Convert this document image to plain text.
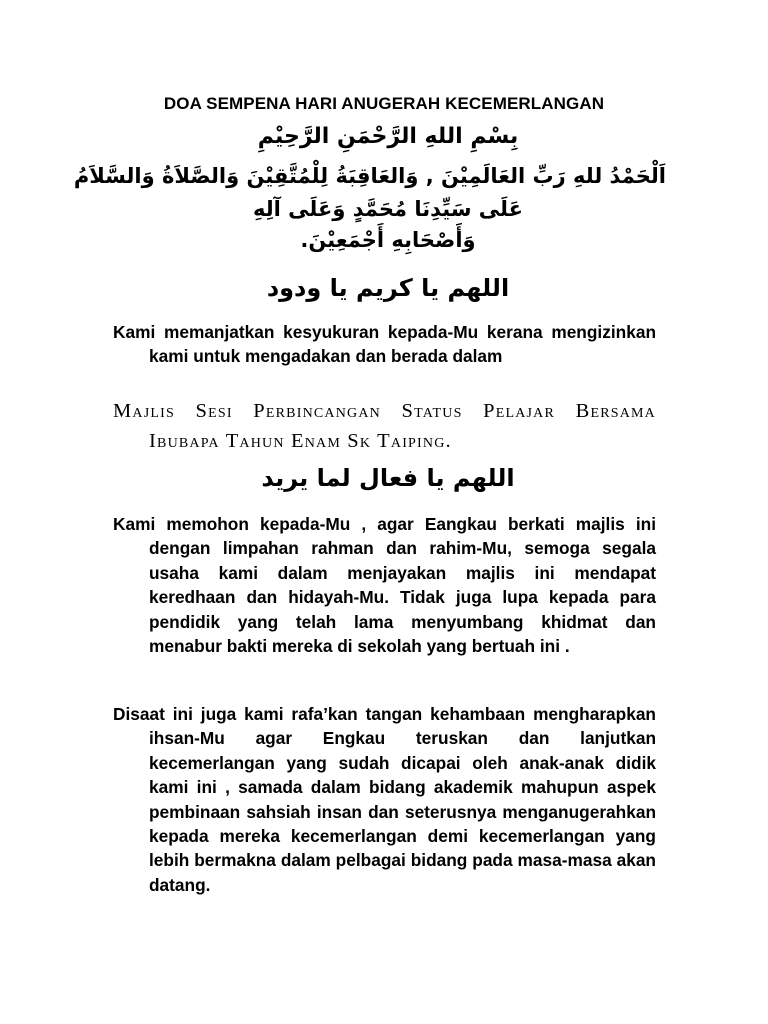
DOA SEMPENA HARI ANUGERAH KECEMERLANGAN
بِسْمِ اللهِ الرَّحْمَنِ الرَّحِيْمِ
اَلْحَمْدُ للهِ رَبِّ العَالَمِيْنَ , وَالعَاقِبَةُ لِلْمُتَّقِيْنَ وَالصَّلاَةُ وَالسَّلاَمُ
عَلَى سَيِّدِنَا مُحَمَّدٍ وَعَلَى آلِهِ
وَأَصْحَابِهِ أَجْمَعِيْنَ.
اللهم يا كريم يا ودود
Kami memanjatkan kesyukuran kepada-Mu kerana mengizinkan kami untuk mengadakan dan berada dalam
Majlis Sesi Perbincangan Status Pelajar Bersama Ibubapa Tahun Enam Sk Taiping.
اللهم يا فعال لما يريد
Kami memohon kepada-Mu , agar Eangkau berkati majlis ini dengan limpahan rahman dan rahim-Mu, semoga segala usaha kami dalam menjayakan majlis ini mendapat keredhaan dan hidayah-Mu. Tidak juga lupa kepada para pendidik yang telah lama menyumbang khidmat dan menabur bakti mereka di sekolah yang bertuah ini .
Disaat ini juga kami rafa’kan tangan kehambaan mengharapkan ihsan-Mu agar Engkau teruskan dan lanjutkan kecemerlangan yang sudah dicapai oleh anak-anak didik kami ini , samada dalam bidang akademik mahupun aspek pembinaan sahsiah insan dan seterusnya menganugerahkan kepada mereka kecemerlangan demi kecemerlangan yang lebih bermakna dalam pelbagai bidang pada masa-masa akan datang.
